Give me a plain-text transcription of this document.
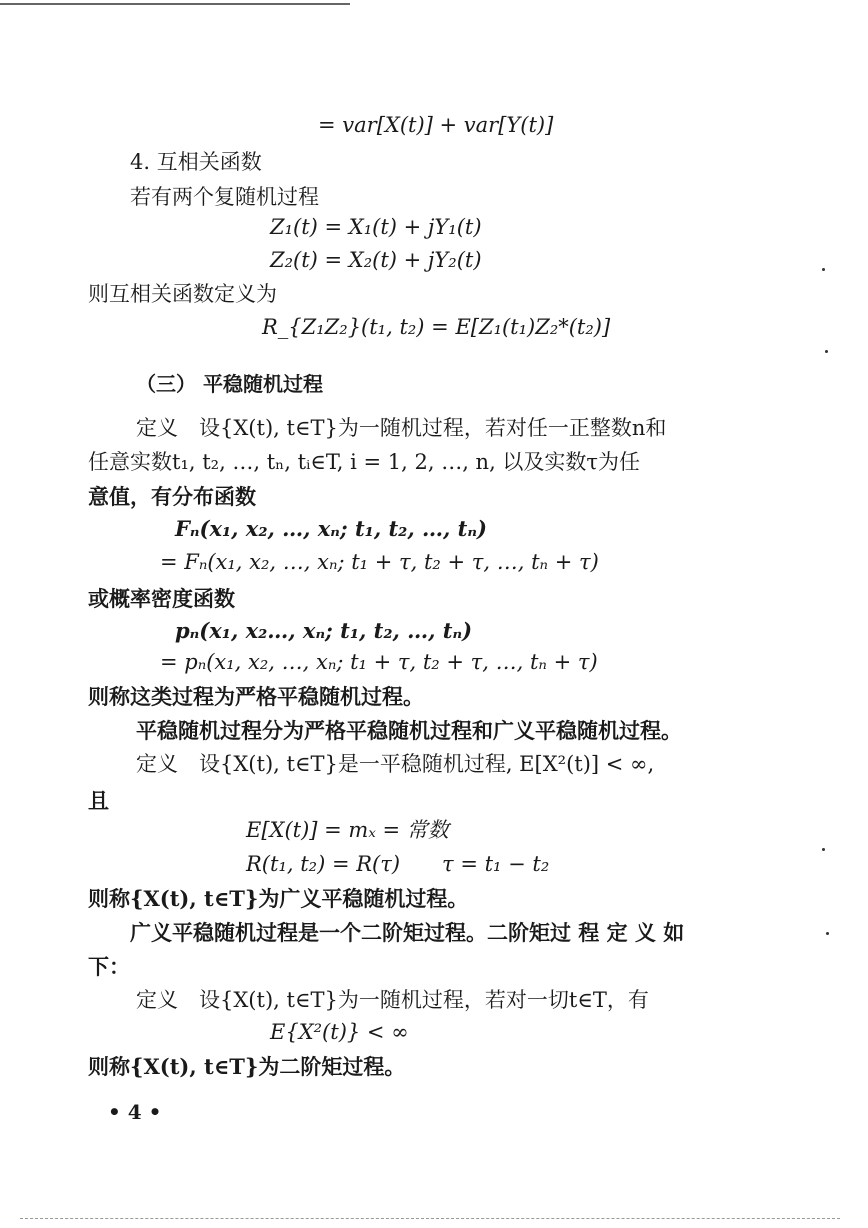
= var[X(t)] + var[Y(t)]
4. 互相关函数
若有两个复随机过程
Z₁(t) = X₁(t) + jY₁(t)
Z₂(t) = X₂(t) + jY₂(t)
则互相关函数定义为
R_{Z₁Z₂}(t₁, t₂) = E[Z₁(t₁)Z₂*(t₂)]
（三） 平稳随机过程
定义　设{X(t), t∈T}为一随机过程，若对任一正整数n和
任意实数t₁, t₂, …, tₙ, tᵢ∈T, i = 1, 2, …, n, 以及实数τ为任
意值，有分布函数
Fₙ(x₁, x₂, …, xₙ; t₁, t₂, …, tₙ)
= Fₙ(x₁, x₂, …, xₙ; t₁ + τ, t₂ + τ, …, tₙ + τ)
或概率密度函数
pₙ(x₁, x₂…, xₙ; t₁, t₂, …, tₙ)
= pₙ(x₁, x₂, …, xₙ; t₁ + τ, t₂ + τ, …, tₙ + τ)
则称这类过程为严格平稳随机过程。
平稳随机过程分为严格平稳随机过程和广义平稳随机过程。
定义　设{X(t), t∈T}是一平稳随机过程, E[X²(t)] < ∞,
且
E[X(t)] = mₓ = 常数
R(t₁, t₂) = R(τ)　　τ = t₁ − t₂
则称{X(t), t∈T}为广义平稳随机过程。
广义平稳随机过程是一个二阶矩过程。二阶矩过 程 定 义 如
下：
定义　设{X(t), t∈T}为一随机过程，若对一切t∈T，有
E{X²(t)} < ∞
则称{X(t), t∈T}为二阶矩过程。
• 4 •
